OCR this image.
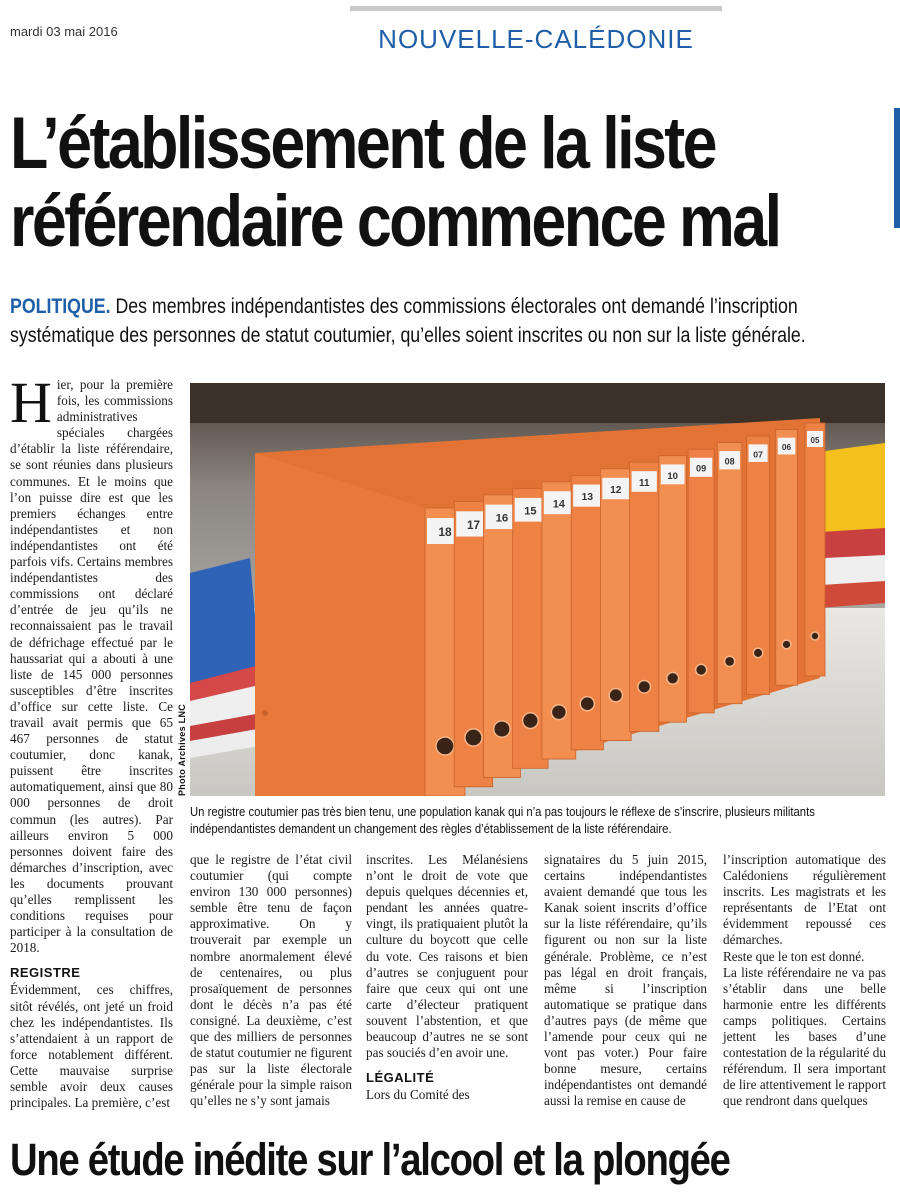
mardi 03 mai 2016	NOUVELLE-CALÉDONIE
L’établissement de la liste
référendaire commence mal
POLITIQUE. Des membres indépendantistes des commissions électorales ont demandé l’inscription systématique des personnes de statut coutumier, qu’elles soient inscrites ou non sur la liste générale.
H ier, pour la première fois, les commissions administratives spéciales chargées d’établir la liste référendaire, se sont réunies dans plusieurs communes. Et le moins que l’on puisse dire est que les premiers échanges entre indépendantistes et non indépendantistes ont été parfois vifs. Certains membres indépendantistes des commissions ont déclaré d’entrée de jeu qu’ils ne reconnaissaient pas le travail de défrichage effectué par le haussariat qui a abouti à une liste de 145 000 personnes susceptibles d’être inscrites d’office sur cette liste. Ce travail avait permis que 65 467 personnes de statut coutumier, donc kanak, puissent être inscrites automatiquement, ainsi que 80 000 personnes de droit commun (les autres). Par ailleurs environ 5 000 personnes doivent faire des démarches d’inscription, avec les documents prouvant qu’elles remplissent les conditions requises pour participer à la consultation de 2018.

REGISTRE

Évidemment, ces chiffres, sitôt révélés, ont jeté un froid chez les indépendantistes. Ils s’attendaient à un rapport de force notablement différent. Cette mauvaise surprise semble avoir deux causes principales. La première, c’est

18 17
16
15
14
13
12
11
10
09
08
07
06
05
Photo Archives LNC
Un registre coutumier pas très bien tenu, une population kanak qui n’a pas toujours le réflexe de s’inscrire, plusieurs militants indépendantistes demandent un changement des règles d’établissement de la liste référendaire.

que le registre de l’état civil coutumier (qui compte environ 130 000 personnes) semble être tenu de façon approximative. On y trouverait par exemple un nombre anormalement élevé de centenaires, ou plus prosaïquement de personnes dont le décès n’a pas été consigné. La deuxième, c’est que des milliers de personnes de statut coutumier ne figurent pas sur la liste électorale générale pour la simple raison qu’elles ne s’y sont jamais

inscrites. Les Mélanésiens n’ont le droit de vote que depuis quelques décennies et, pendant les années quatre-vingt, ils pratiquaient plutôt la culture du boycott que celle du vote. Ces raisons et bien d’autres se conjuguent pour faire que ceux qui ont une carte d’électeur pratiquent souvent l’abstention, et que beaucoup d’autres ne se sont pas souciés d’en avoir une.

LÉGALITÉ

Lors du Comité des

signataires du 5 juin 2015, certains indépendantistes avaient demandé que tous les Kanak soient inscrits d’office sur la liste référendaire, qu’ils figurent ou non sur la liste générale. Problème, ce n’est pas légal en droit français, même si l’inscription automatique se pratique dans d’autres pays (de même que l’amende pour ceux qui ne vont pas voter.) Pour faire bonne mesure, certains indépendantistes ont demandé aussi la remise en cause de

l’inscription automatique des Calédoniens régulièrement inscrits. Les magistrats et les représentants de l’Etat ont évidemment repoussé ces démarches.

Reste que le ton est donné.

La liste référendaire ne va pas s’établir dans une belle harmonie entre les différents camps politiques. Certains jettent les bases d’une contestation de la régularité du référendum. Il sera important de lire attentivement le rapport que rendront dans quelques

Une étude inédite sur l’alcool et la plongée
